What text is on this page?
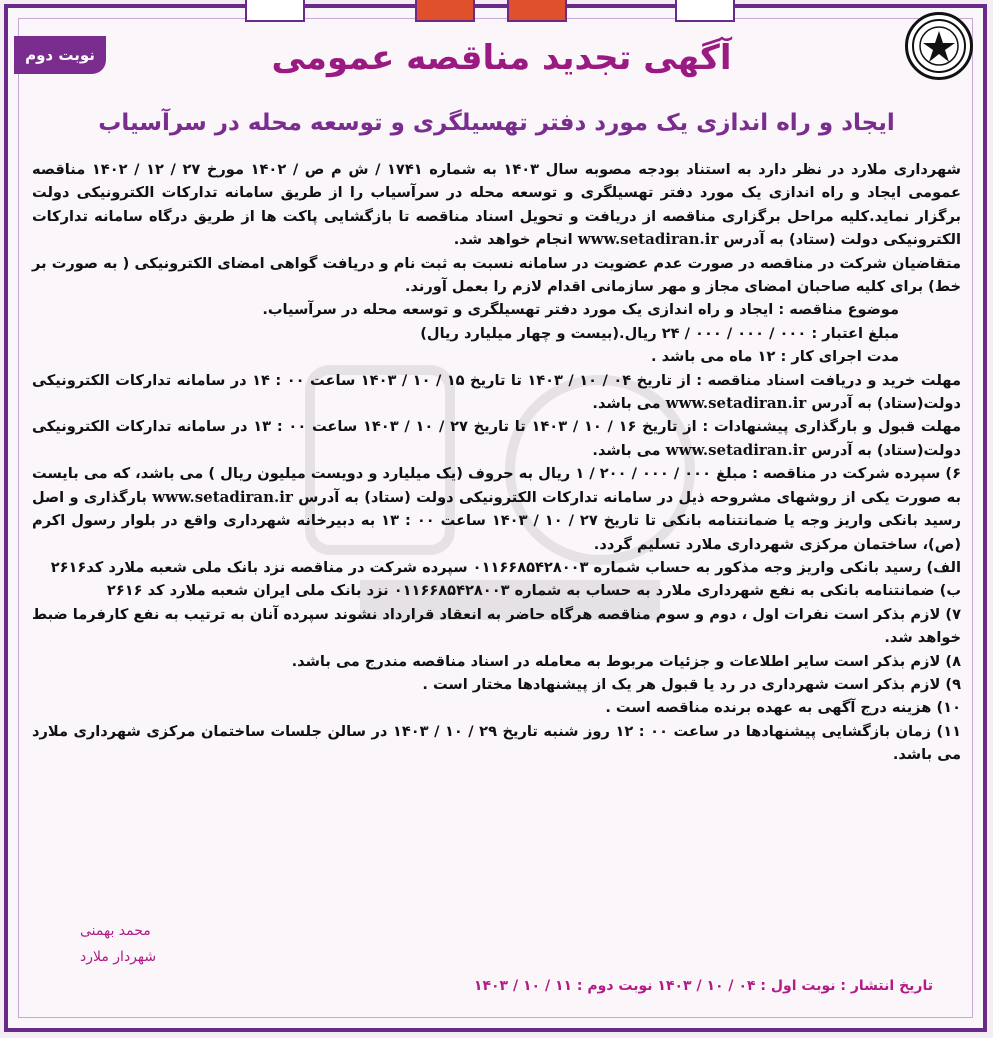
نوبت دوم	آگهی تجدید مناقصه عمومی
ایجاد و راه اندازی یک مورد دفتر تهسیلگری و توسعه محله در سرآسیاب

شهرداری ملارد در نظر دارد به استناد بودجه مصوبه سال ۱۴۰۳ به شماره ۱۷۴۱ / ش م ص / ۱۴۰۲ مورخ ۲۷ / ۱۲ / ۱۴۰۲ مناقصه عمومی ایجاد و راه اندازی یک مورد دفتر تهسیلگری و توسعه محله در سرآسیاب را از طریق سامانه تدارکات الکترونیکی دولت برگزار نماید.کلیه مراحل برگزاری مناقصه از دریافت و تحویل اسناد مناقصه تا بازگشایی پاکت ها از طریق درگاه سامانه تدارکات الکترونیکی دولت (ستاد) به آدرس www.setadiran.ir انجام خواهد شد.

متقاضیان شرکت در مناقصه در صورت عدم عضویت در سامانه نسبت به ثبت نام و دریافت گواهی امضای الکترونیکی ( به صورت بر خط) برای کلیه صاحبان امضای مجاز و مهر سازمانی اقدام لازم را بعمل آورند.

موضوع مناقصه : ایجاد و راه اندازی یک مورد دفتر تهسیلگری و توسعه محله در سرآسیاب.

مبلغ اعتبار : ۰۰۰ / ۰۰۰ / ۰۰۰ / ۲۴ ریال.(بیست و چهار میلیارد ریال)

مدت اجرای کار : ۱۲ ماه می باشد .

مهلت خرید و دریافت اسناد مناقصه : از تاریخ ۰۴ / ۱۰ / ۱۴۰۳ تا تاریخ ۱۵ / ۱۰ / ۱۴۰۳ ساعت ۰۰ : ۱۴ در سامانه تدارکات الکترونیکی دولت(ستاد) به آدرس www.setadiran.ir می باشد.

مهلت قبول و بارگذاری پیشنهادات : از تاریخ ۱۶ / ۱۰ / ۱۴۰۳ تا تاریخ ۲۷ / ۱۰ / ۱۴۰۳ ساعت ۰۰ : ۱۳ در سامانه تدارکات الکترونیکی دولت(ستاد) به آدرس www.setadiran.ir می باشد.

۶) سپرده شرکت در مناقصه : مبلغ ۰۰۰ / ۰۰۰ / ۲۰۰ / ۱ ریال به حروف (یک میلیارد و دویست میلیون ریال ) می باشد، که می بایست به صورت یکی از روشهای مشروحه ذیل در سامانه تدارکات الکترونیکی دولت (ستاد) به آدرس www.setadiran.ir بارگذاری و اصل رسید بانکی واریز وجه یا ضمانتنامه بانکی تا تاریخ ۲۷ / ۱۰ / ۱۴۰۳ ساعت ۰۰ : ۱۳ به دبیرخانه شهرداری واقع در بلوار رسول اکرم (ص)، ساختمان مرکزی شهرداری ملارد تسلیم گردد.

الف) رسید بانکی واریز وجه مذکور به حساب شماره ۰۱۱۶۶۸۵۴۲۸۰۰۳ سپرده شرکت در مناقصه نزد بانک ملی شعبه ملارد کد۲۶۱۶

ب) ضمانتنامه بانکی به نفع شهرداری ملارد به حساب به شماره ۰۱۱۶۶۸۵۴۲۸۰۰۳ نزد بانک ملی ایران شعبه ملارد کد ۲۶۱۶

۷) لازم بذکر است نفرات اول ، دوم و سوم مناقصه هرگاه حاضر به انعقاد قرارداد نشوند سپرده آنان به ترتیب به نفع کارفرما ضبط خواهد شد.

۸) لازم بذکر است سایر اطلاعات و جزئیات مربوط به معامله در اسناد مناقصه مندرج می باشد.

۹) لازم بذکر است شهرداری در رد یا قبول هر یک از پیشنهادها مختار است .

۱۰) هزینه درج آگهی به عهده برنده مناقصه است .

۱۱) زمان بازگشایی پیشنهادها در ساعت ۰۰ : ۱۲ روز شنبه تاریخ ۲۹ / ۱۰ / ۱۴۰۳ در سالن جلسات ساختمان مرکزی شهرداری ملارد می باشد.

محمد بهمنی
شهردار ملارد
تاریخ انتشار : نوبت اول : ۰۴ / ۱۰ / ۱۴۰۳ نوبت دوم : ۱۱ / ۱۰ / ۱۴۰۳
